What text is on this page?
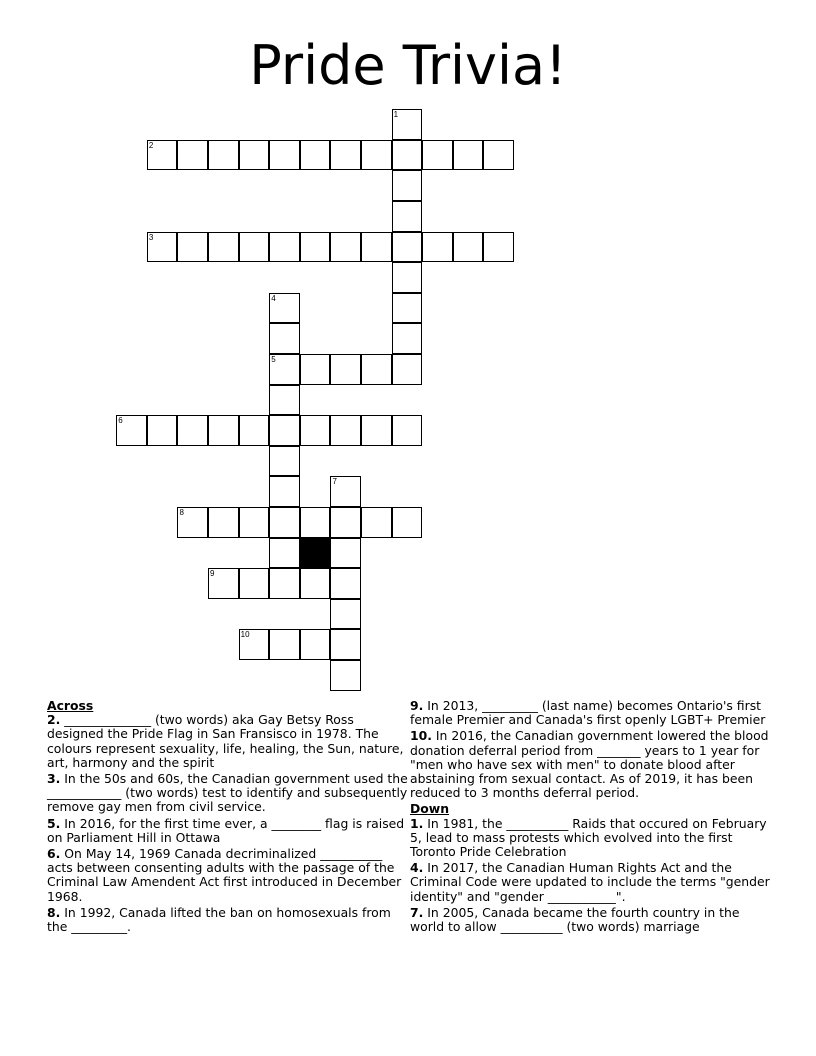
Pride Trivia!
1
2
3
4
5
6
7
8
9
10
Across
2. ______________ (two words) aka Gay Betsy Ross designed the Pride Flag in San Fransisco in 1978. The colours represent sexuality, life, healing, the Sun, nature, art, harmony and the spirit
3. In the 50s and 60s, the Canadian government used the ____________ (two words) test to identify and subsequently remove gay men from civil service.
5. In 2016, for the first time ever, a ________ flag is raised on Parliament Hill in Ottawa
6. On May 14, 1969 Canada decriminalized __________ acts between consenting adults with the passage of the Criminal Law Amendent Act first introduced in December 1968.
8. In 1992, Canada lifted the ban on homosexuals from the _________.
9. In 2013, _________ (last name) becomes Ontario's first female Premier and Canada's first openly LGBT+ Premier
10. In 2016, the Canadian government lowered the blood donation deferral period from _______ years to 1 year for "men who have sex with men" to donate blood after abstaining from sexual contact. As of 2019, it has been reduced to 3 months deferral period.
Down
1. In 1981, the __________ Raids that occured on February 5, lead to mass protests which evolved into the first Toronto Pride Celebration
4. In 2017, the Canadian Human Rights Act and the Criminal Code were updated to include the terms "gender identity" and "gender ___________".
7. In 2005, Canada became the fourth country in the world to allow __________ (two words) marriage
